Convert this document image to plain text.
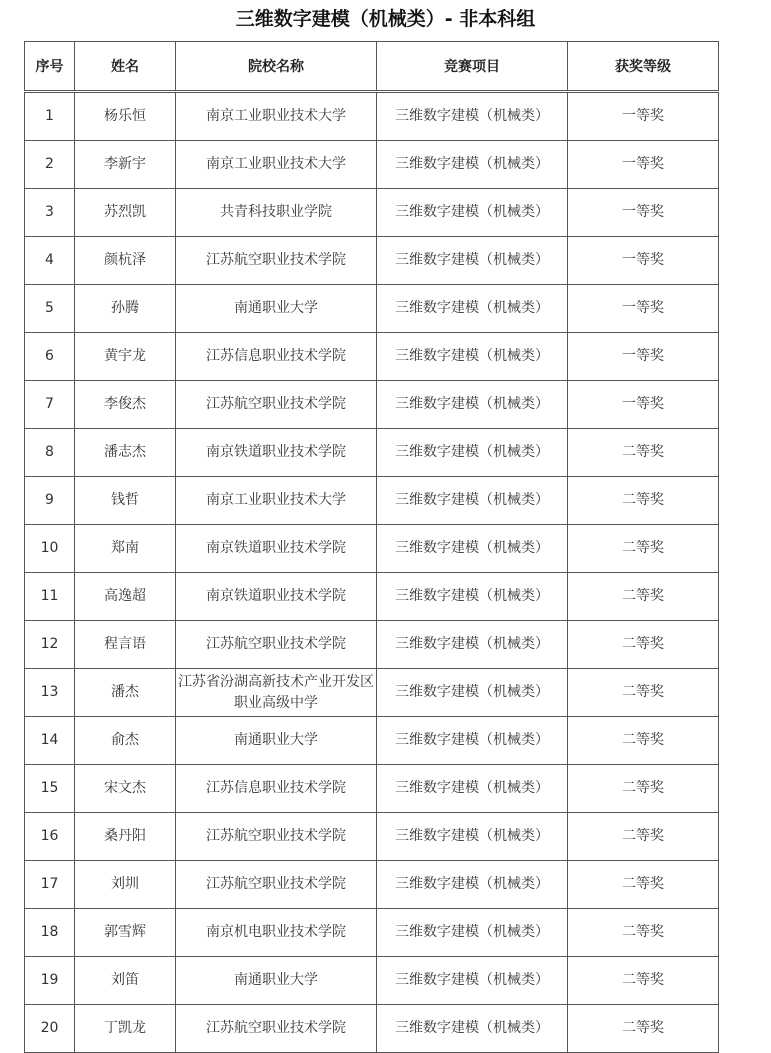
三维数字建模（机械类）- 非本科组
序号	姓名	院校名称	竞赛项目	获奖等级

1	杨乐恒	南京工业职业技术大学	三维数字建模（机械类）	一等奖
2	李新宇	南京工业职业技术大学	三维数字建模（机械类）	一等奖
3	苏烈凯	共青科技职业学院	三维数字建模（机械类）	一等奖
4	颜杭泽	江苏航空职业技术学院	三维数字建模（机械类）	一等奖
5	孙腾	南通职业大学	三维数字建模（机械类）	一等奖
6	黄宇龙	江苏信息职业技术学院	三维数字建模（机械类）	一等奖
7	李俊杰	江苏航空职业技术学院	三维数字建模（机械类）	一等奖
8	潘志杰	南京铁道职业技术学院	三维数字建模（机械类）	二等奖
9	钱哲	南京工业职业技术大学	三维数字建模（机械类）	二等奖
10	郑南	南京铁道职业技术学院	三维数字建模（机械类）	二等奖
11	高逸超	南京铁道职业技术学院	三维数字建模（机械类）	二等奖
12	程言语	江苏航空职业技术学院	三维数字建模（机械类）	二等奖
13	潘杰	江苏省汾湖高新技术产业开发区职业高级中学	三维数字建模（机械类）	二等奖
14	俞杰	南通职业大学	三维数字建模（机械类）	二等奖
15	宋文杰	江苏信息职业技术学院	三维数字建模（机械类）	二等奖
16	桑丹阳	江苏航空职业技术学院	三维数字建模（机械类）	二等奖
17	刘圳	江苏航空职业技术学院	三维数字建模（机械类）	二等奖
18	郭雪辉	南京机电职业技术学院	三维数字建模（机械类）	二等奖
19	刘笛	南通职业大学	三维数字建模（机械类）	二等奖
20	丁凯龙	江苏航空职业技术学院	三维数字建模（机械类）	二等奖
